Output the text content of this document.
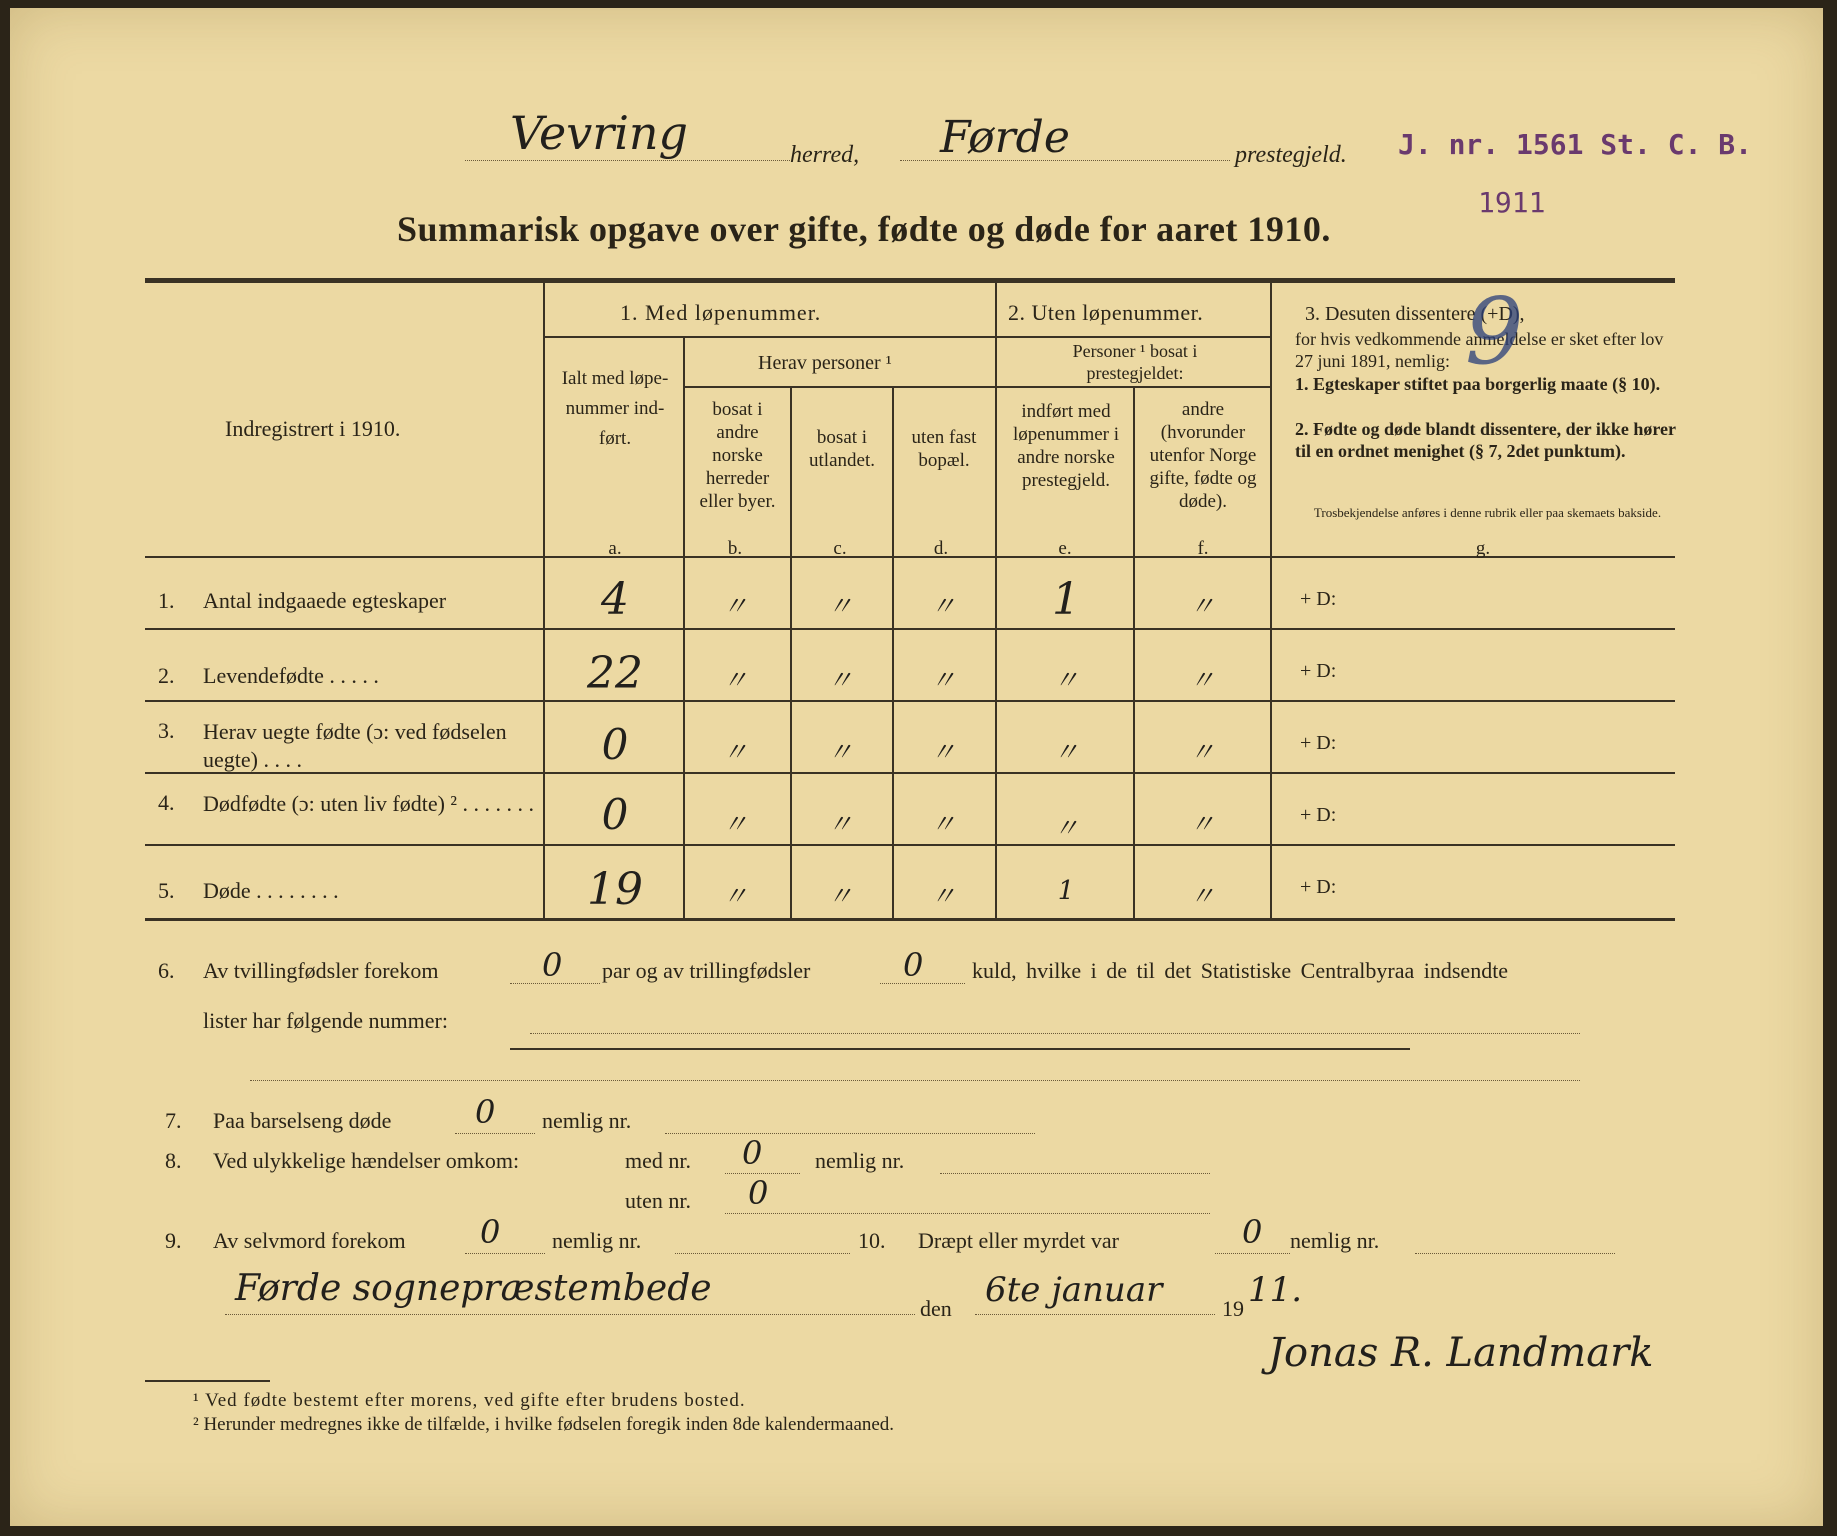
Vevring	herred, Førde	prestegjeld. J. nr. 1561 St. C. B.
1911
Summarisk opgave over gifte, fødte og døde for aaret 1910.
Indregistrert i 1910.
1. Med løpenummer.
Herav personer ¹
Ialt med løpe-nummer ind-ført.
bosat i andre norske herreder eller byer.
bosat i utlandet.
uten fast bopæl.
2. Uten løpenummer.
Personer ¹ bosat i prestegjeldet:
indført med løpenummer i andre norske prestegjeld.
andre (hvorunder utenfor Norge gifte, fødte og døde).
3. Desuten dissentere (+D),
for hvis vedkommende anmeldelse er sket efter lov 27 juni 1891, nemlig:
1. Egteskaper stiftet paa borgerlig maate (§ 10).
2. Fødte og døde blandt dissentere, der ikke hører til en ordnet menighet (§ 7, 2det punktum).
Trosbekjendelse anføres i denne rubrik eller paa skemaets bakside.
9
a.	b.	c.	d.	e.	f.	g.
1. Antal indgaaede egteskaper	4	〃	〃	〃	1	〃	+ D:
2. Levendefødte . . . . .	22	〃	〃	〃	〃	〃	+ D:
3. Herav uegte fødte (ɔ: ved fødselen uegte) . . . .	0	〃	〃	〃	〃	〃	+ D:
4. Dødfødte (ɔ: uten liv fødte) ² . . . . . . .	0	〃	〃	〃	〃	〃	+ D:
5. Døde . . . . . . . .	19	〃	〃	〃	1	〃	+ D:
6. Av tvillingfødsler forekom	0 par og av trillingfødsler	0 kuld, hvilke i de til det Statistiske Centralbyraa indsendte
lister har følgende nummer:
7. Paa barselseng døde	0 nemlig nr.
8. Ved ulykkelige hændelser omkom:	med nr. 0 nemlig nr.
uten nr. 0
9. Av selvmord forekom 0 nemlig nr.	10. Dræpt eller myrdet var	0 nemlig nr.
Førde sognepræstembede	den 6te januar	19 11.
Jonas R. Landmark
¹ Ved fødte bestemt efter morens, ved gifte efter brudens bosted.
² Herunder medregnes ikke de tilfælde, i hvilke fødselen foregik inden 8de kalendermaaned.
